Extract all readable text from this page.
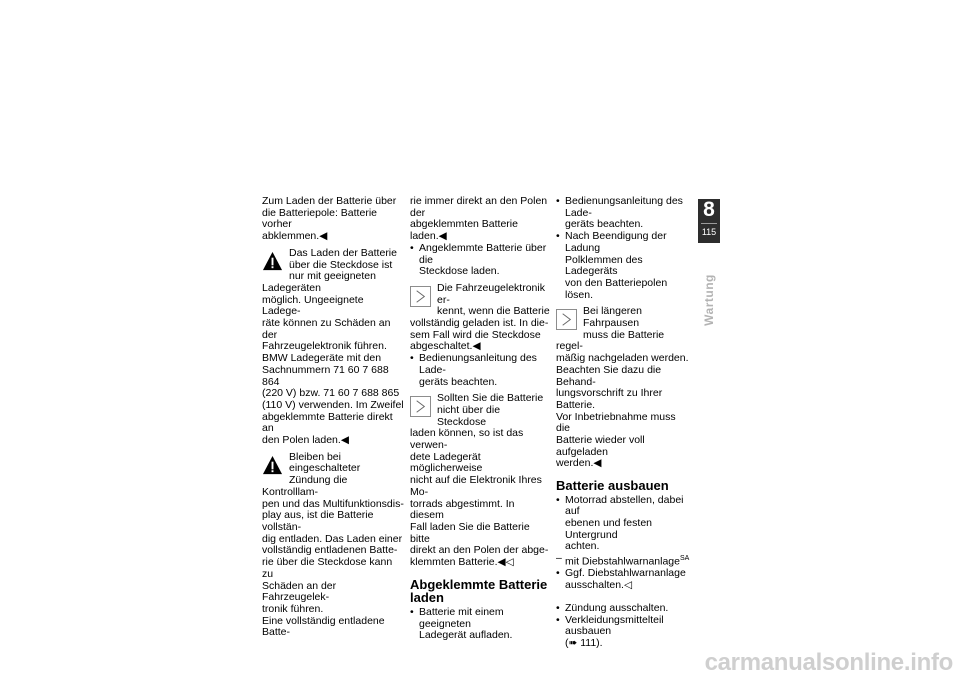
Zum Laden der Batterie über
die Batteriepole: Batterie vorher
abklemmen.◀

Das Laden der Batterie
über die Steckdose ist
nur mit geeigneten Ladegeräten
möglich. Ungeeignete Ladege-
räte können zu Schäden an der
Fahrzeugelektronik führen.
BMW Ladegeräte mit den
Sachnummern 71 60 7 688 864
(220 V) bzw. 71 60 7 688 865
(110 V) verwenden. Im Zweifel
abgeklemmte Batterie direkt an
den Polen laden.◀
Bleiben bei eingeschalteter
Zündung die Kontrolllam-
pen und das Multifunktionsdis-
play aus, ist die Batterie vollstän-
dig entladen. Das Laden einer
vollständig entladenen Batte-
rie über die Steckdose kann zu
Schäden an der Fahrzeugelek-
tronik führen.
Eine vollständig entladene Batte-

rie immer direkt an den Polen der
abgeklemmten Batterie laden.◀

• Angeklemmte Batterie über die
Steckdose laden.

Die Fahrzeugelektronik er-
kennt, wenn die Batterie
vollständig geladen ist. In die-
sem Fall wird die Steckdose
abgeschaltet.◀

• Bedienungsanleitung des Lade-
geräts beachten.

Sollten Sie die Batterie
nicht über die Steckdose
laden können, so ist das verwen-
dete Ladegerät möglicherweise
nicht auf die Elektronik Ihres Mo-
torrads abgestimmt. In diesem
Fall laden Sie die Batterie bitte
direkt an den Polen der abge-
klemmten Batterie.◀◁
Abgeklemmte Batterie
laden

• Batterie mit einem geeigneten
Ladegerät aufladen.

• Bedienungsanleitung des Lade-
geräts beachten.

• Nach Beendigung der Ladung
Polklemmen des Ladegeräts
von den Batteriepolen lösen.

Bei längeren Fahrpausen
muss die Batterie regel-
mäßig nachgeladen werden.
Beachten Sie dazu die Behand-
lungsvorschrift zu Ihrer Batterie.
Vor Inbetriebnahme muss die
Batterie wieder voll aufgeladen
werden.◀
Batterie ausbauen

• Motorrad abstellen, dabei auf
ebenen und festen Untergrund
achten.

– mit Diebstahlwarnanlage$^{SA}$

• Ggf. Diebstahlwarnanlage
ausschalten.◁

• Zündung ausschalten.

• Verkleidungsmittelteil ausbauen
(➠ 111).

8
115
Wartung
carmanualsonline.info
